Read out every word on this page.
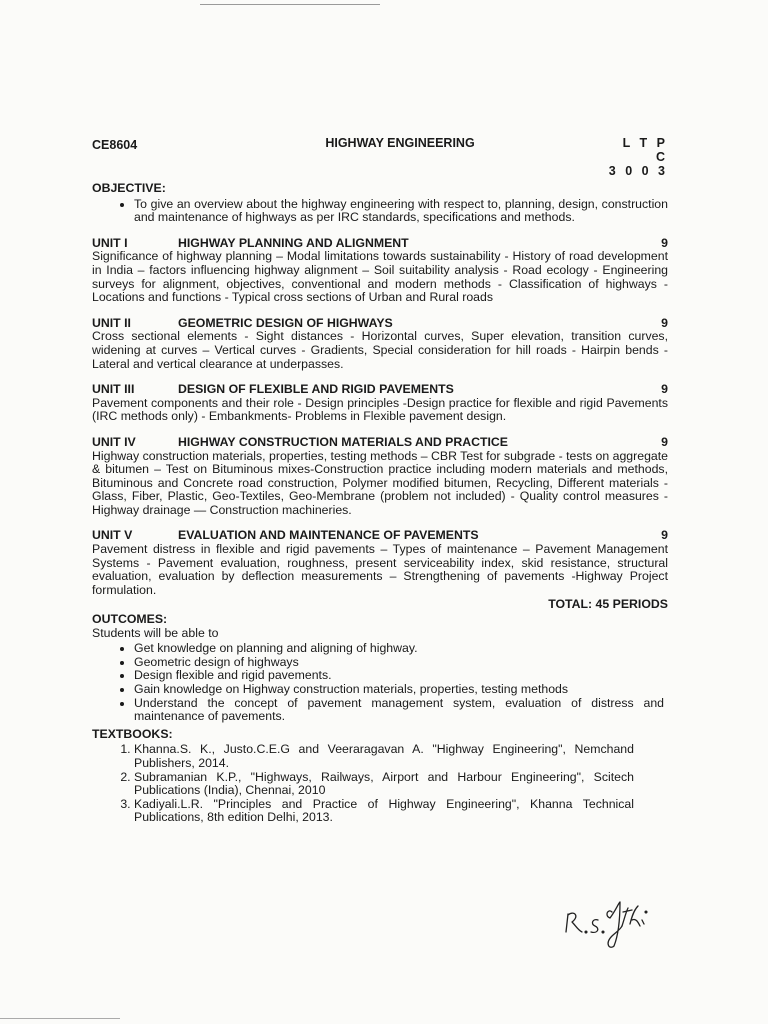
CE8604	HIGHWAY ENGINEERING	L T P C
3 0 0 3
OBJECTIVE:
• To give an overview about the highway engineering with respect to, planning, design, construction and maintenance of highways as per IRC standards, specifications and methods.
UNIT I	HIGHWAY PLANNING AND ALIGNMENT	9
Significance of highway planning – Modal limitations towards sustainability - History of road development in India – factors influencing highway alignment – Soil suitability analysis - Road ecology - Engineering surveys for alignment, objectives, conventional and modern methods - Classification of highways - Locations and functions - Typical cross sections of Urban and Rural roads
UNIT II	GEOMETRIC DESIGN OF HIGHWAYS	9
Cross sectional elements - Sight distances - Horizontal curves, Super elevation, transition curves, widening at curves – Vertical curves - Gradients, Special consideration for hill roads - Hairpin bends - Lateral and vertical clearance at underpasses.
UNIT III	DESIGN OF FLEXIBLE AND RIGID PAVEMENTS	9
Pavement components and their role - Design principles -Design practice for flexible and rigid Pavements (IRC methods only) - Embankments- Problems in Flexible pavement design.
UNIT IV	HIGHWAY CONSTRUCTION MATERIALS AND PRACTICE	9
Highway construction materials, properties, testing methods – CBR Test for subgrade - tests on aggregate & bitumen – Test on Bituminous mixes-Construction practice including modern materials and methods, Bituminous and Concrete road construction, Polymer modified bitumen, Recycling, Different materials - Glass, Fiber, Plastic, Geo-Textiles, Geo-Membrane (problem not included) - Quality control measures - Highway drainage — Construction machineries.
UNIT V	EVALUATION AND MAINTENANCE OF PAVEMENTS	9
Pavement distress in flexible and rigid pavements – Types of maintenance – Pavement Management Systems - Pavement evaluation, roughness, present serviceability index, skid resistance, structural evaluation, evaluation by deflection measurements – Strengthening of pavements -Highway Project formulation.
TOTAL: 45 PERIODS
OUTCOMES:
Students will be able to
• Get knowledge on planning and aligning of highway.
• Geometric design of highways
• Design flexible and rigid pavements.
• Gain knowledge on Highway construction materials, properties, testing methods
• Understand the concept of pavement management system, evaluation of distress and maintenance of pavements.
TEXTBOOKS:
1. Khanna.S. K., Justo.C.E.G and Veeraragavan A. "Highway Engineering", Nemchand Publishers, 2014.
2. Subramanian K.P., "Highways, Railways, Airport and Harbour Engineering", Scitech Publications (India), Chennai, 2010
3. Kadiyali.L.R. "Principles and Practice of Highway Engineering", Khanna Technical Publications, 8th edition Delhi, 2013.
